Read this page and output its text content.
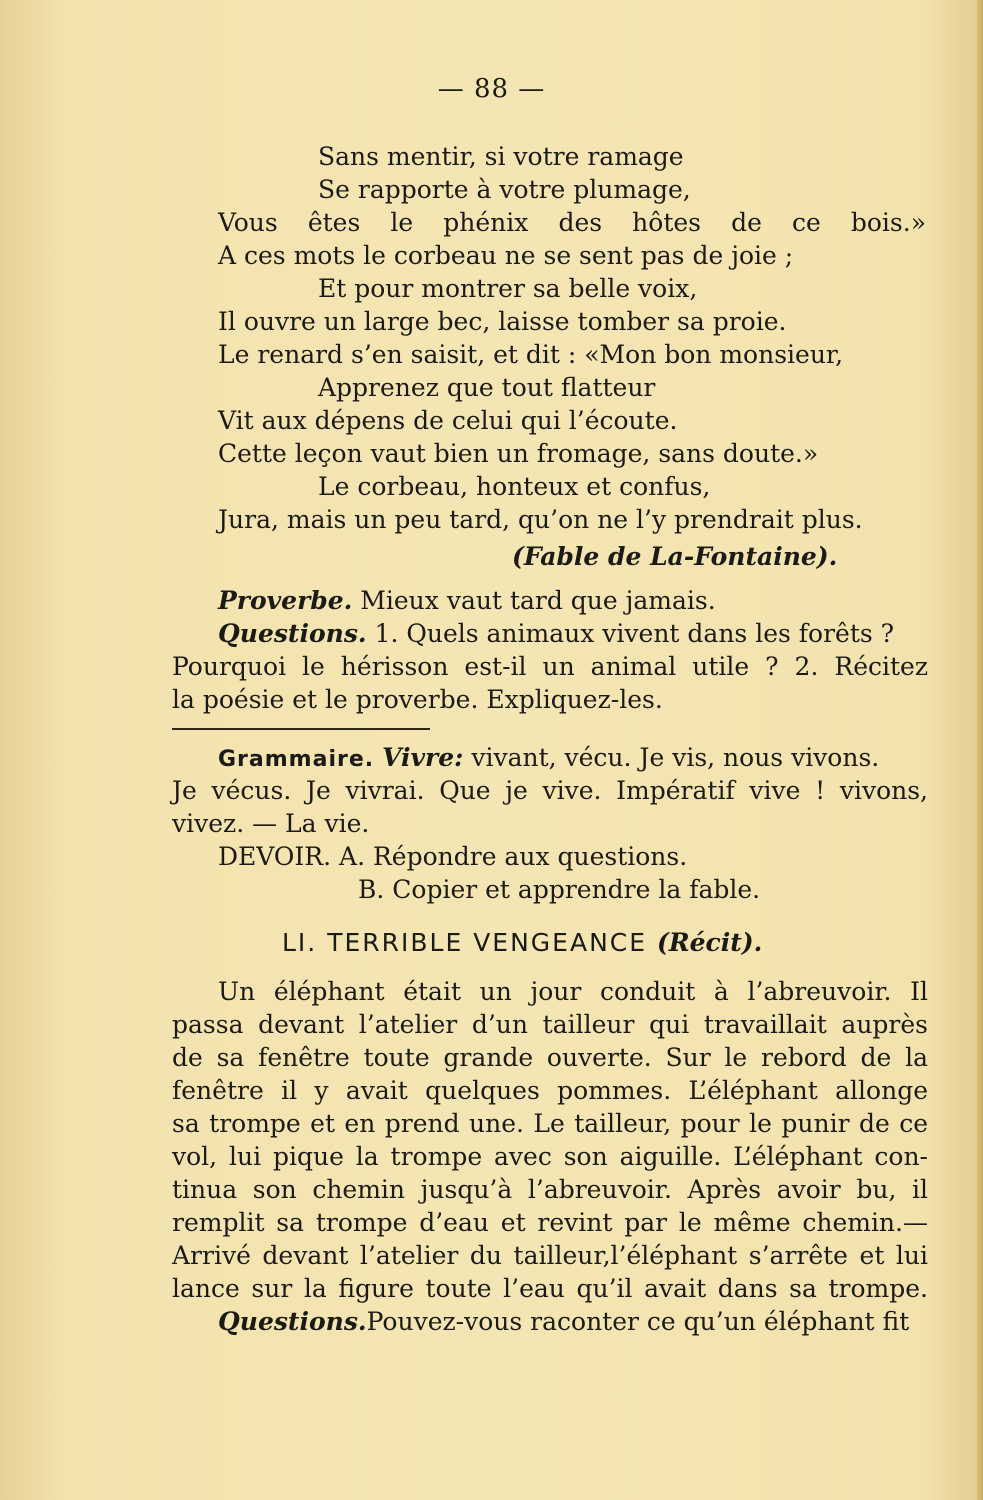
— 88 —
Sans mentir, si votre ramage
Se rapporte à votre plumage,
Vous êtes le phénix des hôtes de ce bois.»
A ces mots le corbeau ne se sent pas de joie ;
Et pour montrer sa belle voix,
Il ouvre un large bec, laisse tomber sa proie.
Le renard s’en saisit, et dit : «Mon bon monsieur,
Apprenez que tout flatteur
Vit aux dépens de celui qui l’écoute.
Cette leçon vaut bien un fromage, sans doute.»
Le corbeau, honteux et confus,
Jura, mais un peu tard, qu’on ne l’y prendrait plus.
(Fable de La-Fontaine).
Proverbe. Mieux vaut tard que jamais.
Questions. 1. Quels animaux vivent dans les forêts ?
Pourquoi le hérisson est-il un animal utile ? 2. Récitez
la poésie et le proverbe. Expliquez-les.
Grammaire. Vivre: vivant, vécu. Je vis, nous vivons.
Je vécus. Je vivrai. Que je vive. Impératif vive ! vivons,
vivez. — La vie.
DEVOIR. A. Répondre aux questions.
B. Copier et apprendre la fable.
LI. TERRIBLE VENGEANCE (Récit).
Un éléphant était un jour conduit à l’abreuvoir. Il
passa devant l’atelier d’un tailleur qui travaillait auprès
de sa fenêtre toute grande ouverte. Sur le rebord de la
fenêtre il y avait quelques pommes. L’éléphant allonge
sa trompe et en prend une. Le tailleur, pour le punir de ce
vol, lui pique la trompe avec son aiguille. L’éléphant con-
tinua son chemin jusqu’à l’abreuvoir. Après avoir bu, il
remplit sa trompe d’eau et revint par le même chemin.—
Arrivé devant l’atelier du tailleur,l’éléphant s’arrête et lui
lance sur la figure toute l’eau qu’il avait dans sa trompe.
Questions.Pouvez-vous raconter ce qu’un éléphant fit
